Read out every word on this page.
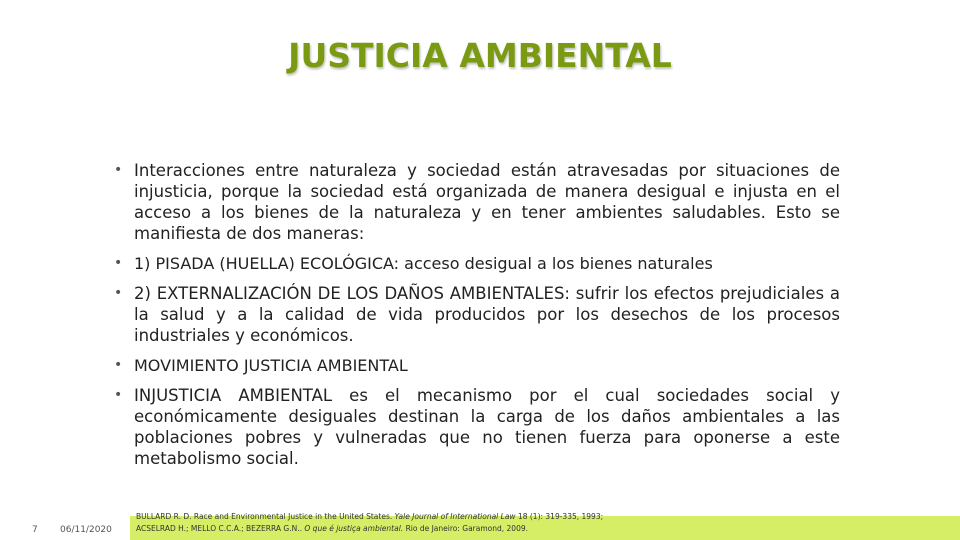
JUSTICIA AMBIENTAL
• Interacciones entre naturaleza y sociedad están atravesadas por situaciones de injusticia, porque la sociedad está organizada de manera desigual e injusta en el acceso a los bienes de la naturaleza y en tener ambientes saludables. Esto se manifiesta de dos maneras:
• 1) PISADA (HUELLA) ECOLÓGICA: acceso desigual a los bienes naturales
• 2) EXTERNALIZACIÓN DE LOS DAÑOS AMBIENTALES: sufrir los efectos prejudiciales a la salud y a la calidad de vida producidos por los desechos de los procesos industriales y económicos.
• MOVIMIENTO JUSTICIA AMBIENTAL
• INJUSTICIA AMBIENTAL es el mecanismo por el cual sociedades social y económicamente desiguales destinan la carga de los daños ambientales a las poblaciones pobres y vulneradas que no tienen fuerza para oponerse a este metabolismo social.
7 06/11/2020
BULLARD R. D. Race and Environmental Justice in the United States. Yale Journal of International Law 18 (1): 319-335, 1993;
ACSELRAD H.; MELLO C.C.A.; BEZERRA G.N.. O que é justiça ambiental. Rio de Janeiro: Garamond, 2009.
